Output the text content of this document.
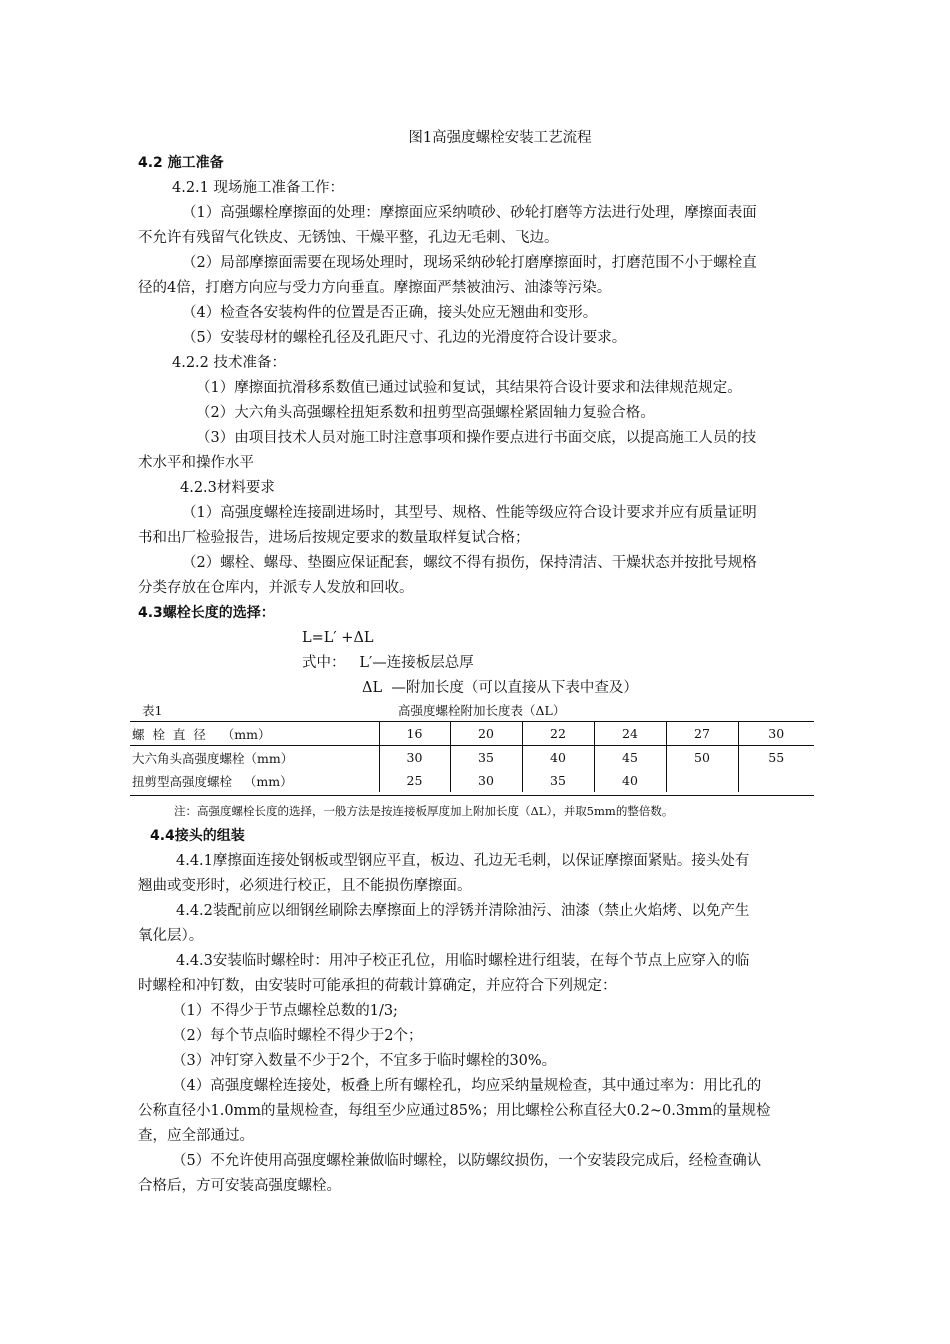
图1高强度螺栓安装工艺流程
4.2 施工准备
4.2.1 现场施工准备工作：
（1）高强螺栓摩擦面的处理：摩擦面应采纳喷砂、砂轮打磨等方法进行处理，摩擦面表面
不允许有残留气化铁皮、无锈蚀、干燥平整，孔边无毛刺、飞边。
（2）局部摩擦面需要在现场处理时，现场采纳砂轮打磨摩擦面时，打磨范围不小于螺栓直
径的4倍，打磨方向应与受力方向垂直。摩擦面严禁被油污、油漆等污染。
（4）检查各安装构件的位置是否正确，接头处应无翘曲和变形。
（5）安装母材的螺栓孔径及孔距尺寸、孔边的光滑度符合设计要求。
4.2.2 技术准备：
（1）摩擦面抗滑移系数值已通过试验和复试，其结果符合设计要求和法律规范规定。
（2）大六角头高强螺栓扭矩系数和扭剪型高强螺栓紧固轴力复验合格。
（3）由项目技术人员对施工时注意事项和操作要点进行书面交底，以提高施工人员的技
术水平和操作水平
4.2.3材料要求
（1）高强度螺栓连接副进场时，其型号、规格、性能等级应符合设计要求并应有质量证明
书和出厂检验报告，进场后按规定要求的数量取样复试合格；
（2）螺栓、螺母、垫圈应保证配套，螺纹不得有损伤，保持清洁、干燥状态并按批号规格
分类存放在仓库内，并派专人发放和回收。
4.3螺栓长度的选择：
L=L′ +ΔL
式中：   L′—连接板层总厚
ΔL  —附加长度（可以直接从下表中查及）
表1	高强度螺栓附加长度表（ΔL）
螺  栓  直  径    （mm）	16	20	22	24	27	30
大六角头高强度螺栓（mm）	30	35	40	45	50	55
扭剪型高强度螺栓   （mm）	25	30	35	40		
注：高强度螺栓长度的选择，一般方法是按连接板厚度加上附加长度（ΔL），并取5mm的整倍数。
4.4接头的组装
4.4.1摩擦面连接处钢板或型钢应平直，板边、孔边无毛刺，以保证摩擦面紧贴。接头处有
翘曲或变形时，必须进行校正，且不能损伤摩擦面。
4.4.2装配前应以细钢丝刷除去摩擦面上的浮锈并清除油污、油漆（禁止火焰烤、以免产生
氧化层）。
4.4.3安装临时螺栓时：用冲子校正孔位，用临时螺栓进行组装，在每个节点上应穿入的临
时螺栓和冲钉数，由安装时可能承担的荷载计算确定，并应符合下列规定：
（1）不得少于节点螺栓总数的1/3;
（2）每个节点临时螺栓不得少于2个；
（3）冲钉穿入数量不少于2个，不宜多于临时螺栓的30%。
（4）高强度螺栓连接处，板叠上所有螺栓孔，均应采纳量规检查，其中通过率为：用比孔的
公称直径小1.0mm的量规检查，每组至少应通过85%；用比螺栓公称直径大0.2~0.3mm的量规检
查，应全部通过。
（5）不允许使用高强度螺栓兼做临时螺栓，以防螺纹损伤，一个安装段完成后，经检查确认
合格后，方可安装高强度螺栓。
